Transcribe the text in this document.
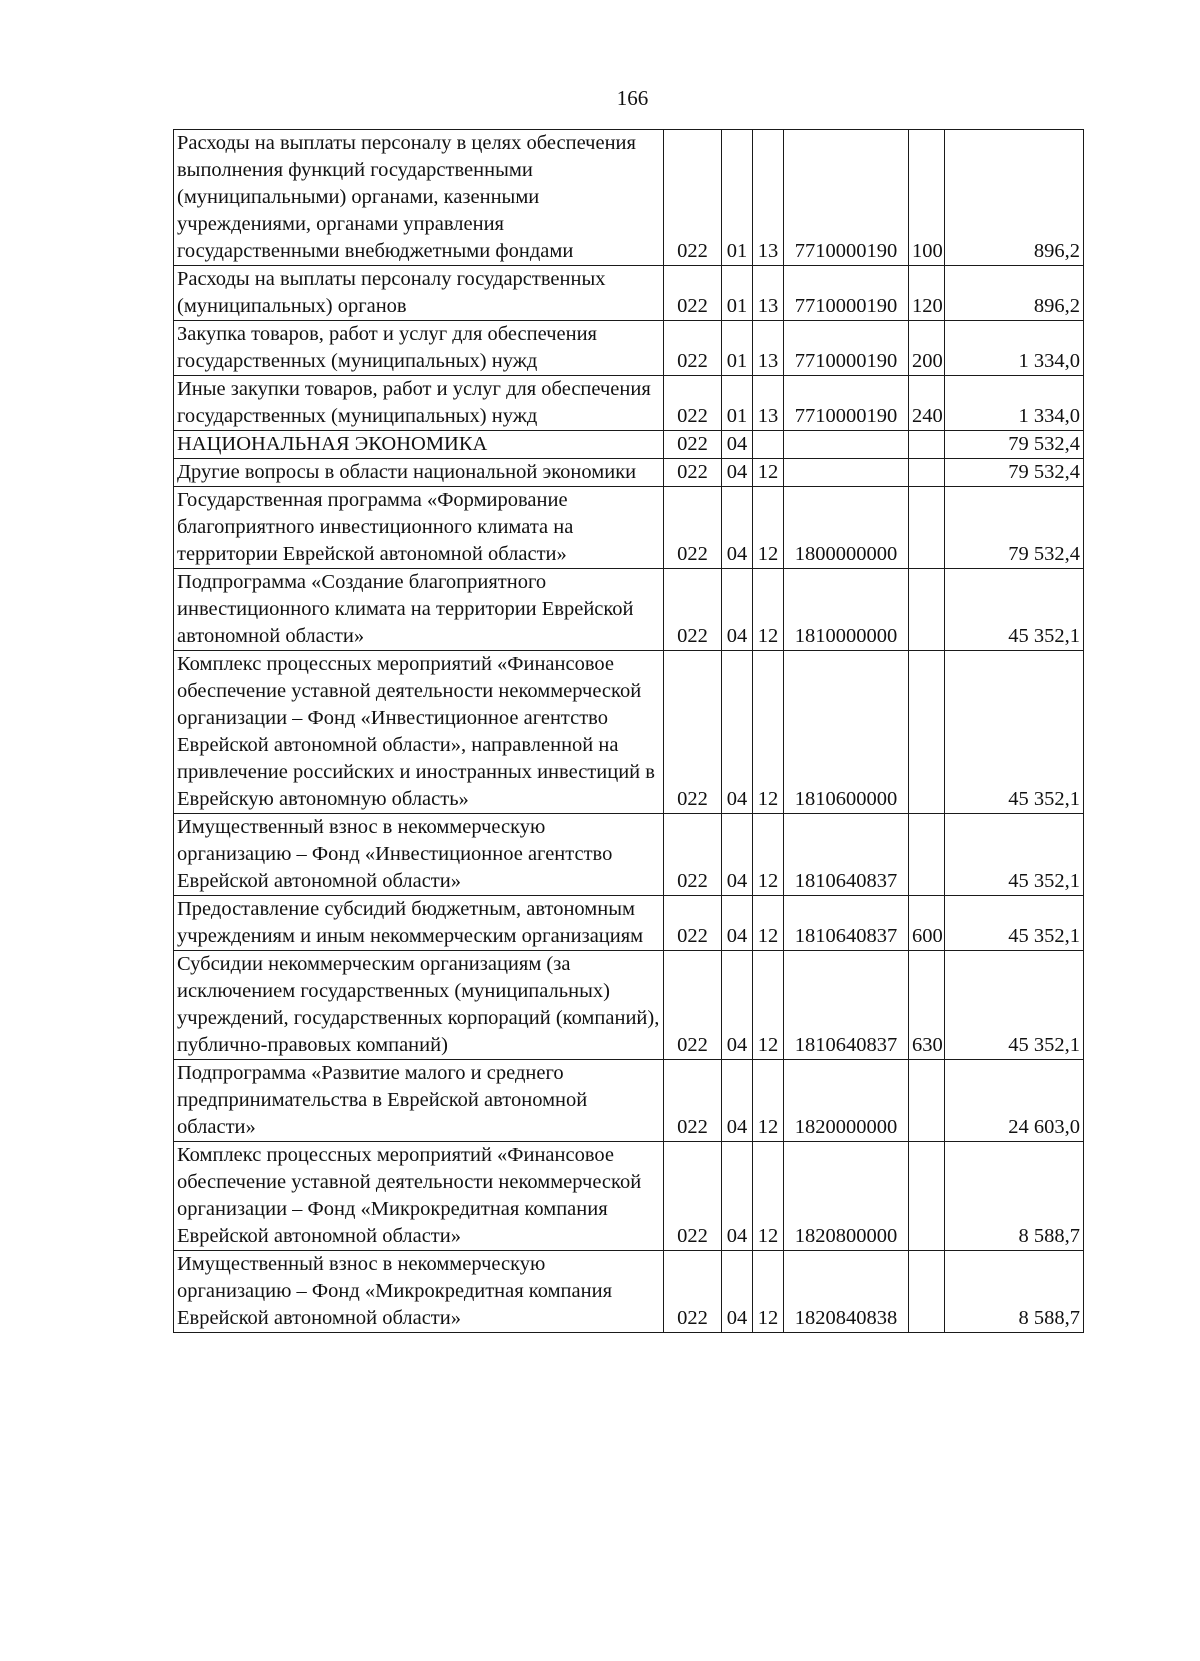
166
Расходы на выплаты персоналу в целях обеспечения выполнения функций государственными (муниципальными) органами, казенными учреждениями, органами управления государственными внебюджетными фондами	022	01	13	7710000190	100	896,2
Расходы на выплаты персоналу государственных (муниципальных) органов	022	01	13	7710000190	120	896,2
Закупка товаров, работ и услуг для обеспечения государственных (муниципальных) нужд	022	01	13	7710000190	200	1 334,0
Иные закупки товаров, работ и услуг для обеспечения государственных (муниципальных) нужд	022	01	13	7710000190	240	1 334,0
НАЦИОНАЛЬНАЯ ЭКОНОМИКА	022	04				79 532,4
Другие вопросы в области национальной экономики	022	04	12			79 532,4
Государственная программа «Формирование благоприятного инвестиционного климата на территории Еврейской автономной области»	022	04	12	1800000000		79 532,4
Подпрограмма «Создание благоприятного инвестиционного климата на территории Еврейской автономной области»	022	04	12	1810000000		45 352,1
Комплекс процессных мероприятий «Финансовое обеспечение уставной деятельности некоммерческой организации – Фонд «Инвестиционное агентство Еврейской автономной области», направленной на привлечение российских и иностранных инвестиций в Еврейскую автономную область»	022	04	12	1810600000		45 352,1
Имущественный взнос в некоммерческую организацию – Фонд «Инвестиционное агентство Еврейской автономной области»	022	04	12	1810640837		45 352,1
Предоставление субсидий бюджетным, автономным учреждениям и иным некоммерческим организациям	022	04	12	1810640837	600	45 352,1
Субсидии некоммерческим организациям (за исключением государственных (муниципальных) учреждений, государственных корпораций (компаний), публично-правовых компаний)	022	04	12	1810640837	630	45 352,1
Подпрограмма «Развитие малого и среднего предпринимательства в Еврейской автономной области»	022	04	12	1820000000		24 603,0
Комплекс процессных мероприятий «Финансовое обеспечение уставной деятельности некоммерческой организации – Фонд «Микрокредитная компания Еврейской автономной области»	022	04	12	1820800000		8 588,7
Имущественный взнос в некоммерческую организацию – Фонд «Микрокредитная компания Еврейской автономной области»	022	04	12	1820840838		8 588,7
